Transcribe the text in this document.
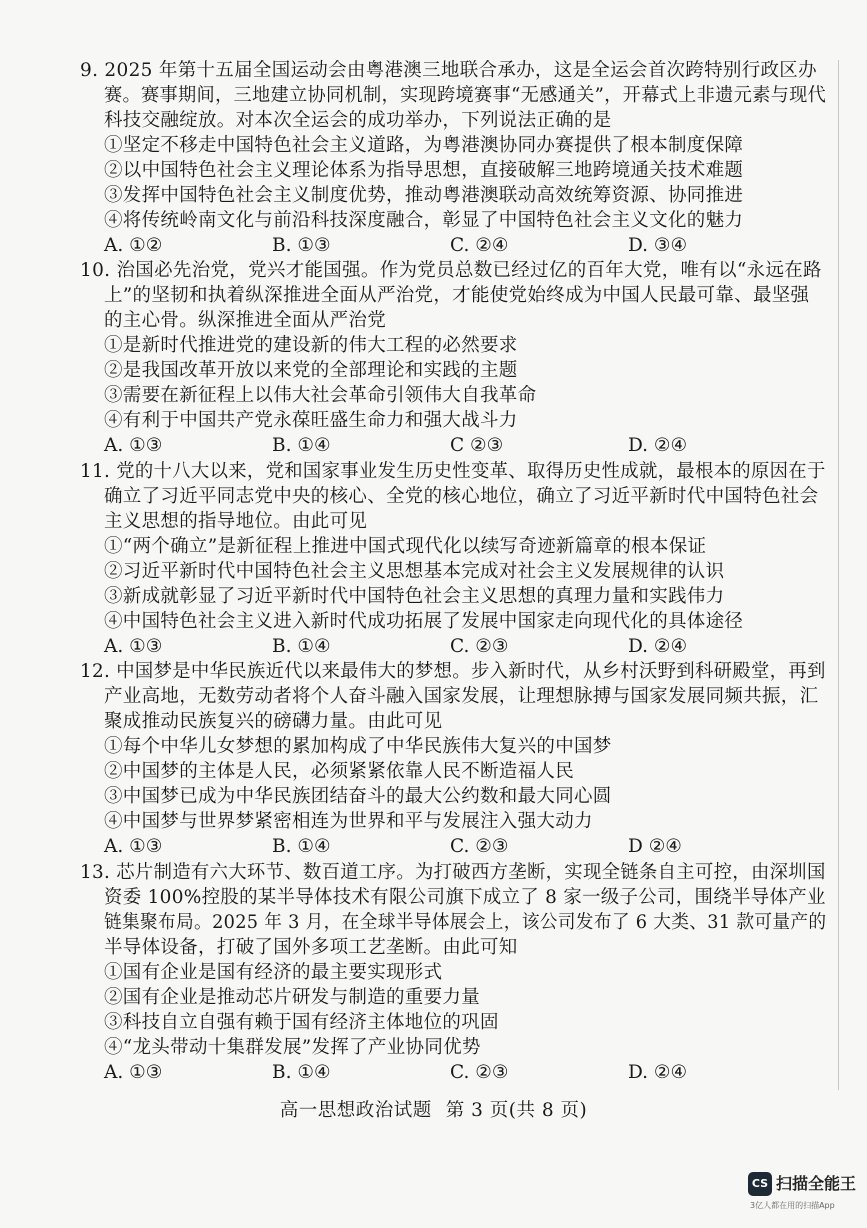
9. 2025 年第十五届全国运动会由粤港澳三地联合承办，这是全运会首次跨特别行政区办
赛。赛事期间，三地建立协同机制，实现跨境赛事“无感通关”，开幕式上非遗元素与现代
科技交融绽放。对本次全运会的成功举办，下列说法正确的是
①坚定不移走中国特色社会主义道路，为粤港澳协同办赛提供了根本制度保障
②以中国特色社会主义理论体系为指导思想，直接破解三地跨境通关技术难题
③发挥中国特色社会主义制度优势，推动粤港澳联动高效统筹资源、协同推进
④将传统岭南文化与前沿科技深度融合，彰显了中国特色社会主义文化的魅力
A. ①②	B. ①③	C. ②④	D. ③④
10. 治国必先治党，党兴才能国强。作为党员总数已经过亿的百年大党，唯有以“永远在路
上”的坚韧和执着纵深推进全面从严治党，才能使党始终成为中国人民最可靠、最坚强
的主心骨。纵深推进全面从严治党
①是新时代推进党的建设新的伟大工程的必然要求
②是我国改革开放以来党的全部理论和实践的主题
③需要在新征程上以伟大社会革命引领伟大自我革命
④有利于中国共产党永葆旺盛生命力和强大战斗力
A. ①③	B. ①④	C ②③	D. ②④
11. 党的十八大以来，党和国家事业发生历史性变革、取得历史性成就，最根本的原因在于
确立了习近平同志党中央的核心、全党的核心地位，确立了习近平新时代中国特色社会
主义思想的指导地位。由此可见
①“两个确立”是新征程上推进中国式现代化以续写奇迹新篇章的根本保证
②习近平新时代中国特色社会主义思想基本完成对社会主义发展规律的认识
③新成就彰显了习近平新时代中国特色社会主义思想的真理力量和实践伟力
④中国特色社会主义进入新时代成功拓展了发展中国家走向现代化的具体途径
A. ①③	B. ①④	C. ②③	D. ②④
12. 中国梦是中华民族近代以来最伟大的梦想。步入新时代，从乡村沃野到科研殿堂，再到
产业高地，无数劳动者将个人奋斗融入国家发展，让理想脉搏与国家发展同频共振，汇
聚成推动民族复兴的磅礴力量。由此可见
①每个中华儿女梦想的累加构成了中华民族伟大复兴的中国梦
②中国梦的主体是人民，必须紧紧依靠人民不断造福人民
③中国梦已成为中华民族团结奋斗的最大公约数和最大同心圆
④中国梦与世界梦紧密相连为世界和平与发展注入强大动力
A. ①③	B. ①④	C. ②③	D ②④
13. 芯片制造有六大环节、数百道工序。为打破西方垄断，实现全链条自主可控，由深圳国
资委 100%控股的某半导体技术有限公司旗下成立了 8 家一级子公司，围绕半导体产业
链集聚布局。2025 年 3 月，在全球半导体展会上，该公司发布了 6 大类、31 款可量产的
半导体设备，打破了国外多项工艺垄断。由此可知
①国有企业是国有经济的最主要实现形式
②国有企业是推动芯片研发与制造的重要力量
③科技自立自强有赖于国有经济主体地位的巩固
④“龙头带动十集群发展”发挥了产业协同优势
A. ①③	B. ①④	C. ②③	D. ②④
高一思想政治试题 第 3 页(共 8 页)
CS 扫描全能王
3亿人都在用的扫描App
